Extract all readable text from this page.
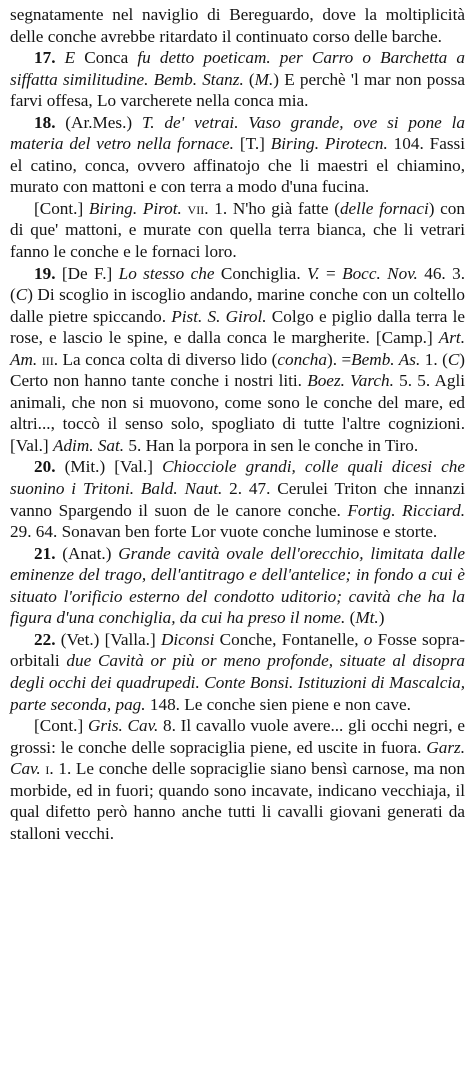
segnatamente nel naviglio di Bereguardo, dove la moltiplicità delle conche avrebbe ritardato il continuato corso delle barche.

17. E Conca fu detto poeticam. per Carro o Barchetta a siffatta similitudine. Bemb. Stanz. (M.) E perchè 'l mar non possa farvi offesa, Lo varcherete nella conca mia.

18. (Ar.Mes.) T. de' vetrai. Vaso grande, ove si pone la materia del vetro nella fornace. [T.] Biring. Pirotecn. 104. Fassi el catino, conca, ovvero affinatojo che li maestri el chiamino, murato con mattoni e con terra a modo d'una fucina.

[Cont.] Biring. Pirot. vii. 1. N'ho già fatte (delle fornaci) con di que' mattoni, e murate con quella terra bianca, che li vetrari fanno le conche e le fornaci loro.

19. [De F.] Lo stesso che Conchiglia. V. = Bocc. Nov. 46. 3. (C) Di scoglio in iscoglio andando, marine conche con un coltello dalle pietre spiccando. Pist. S. Girol. Colgo e piglio dalla terra le rose, e lascio le spine, e dalla conca le margherite. [Camp.] Art. Am. iii. La conca colta di diverso lido (concha). =Bemb. As. 1. (C) Certo non hanno tante conche i nostri liti. Boez. Varch. 5. 5. Agli animali, che non si muovono, come sono le conche del mare, ed altri..., toccò il senso solo, spogliato di tutte l'altre cognizioni. [Val.] Adim. Sat. 5. Han la porpora in sen le conche in Tiro.

20. (Mit.) [Val.] Chiocciole grandi, colle quali dicesi che suonino i Tritoni. Bald. Naut. 2. 47. Cerulei Triton che innanzi vanno Spargendo il suon de le canore conche. Fortig. Ricciard. 29. 64. Sonavan ben forte Lor vuote conche luminose e storte.

21. (Anat.) Grande cavità ovale dell'orecchio, limitata dalle eminenze del trago, dell'antitrago e dell'antelice; in fondo a cui è situato l'orificio esterno del condotto uditorio; cavità che ha la figura d'una conchiglia, da cui ha preso il nome. (Mt.)

22. (Vet.) [Valla.] Diconsi Conche, Fontanelle, o Fosse sopra-orbitali due Cavità or più or meno profonde, situate al disopra degli occhi dei quadrupedi. Conte Bonsi. Istituzioni di Mascalcia, parte seconda, pag. 148. Le conche sien piene e non cave.

[Cont.] Gris. Cav. 8. Il cavallo vuole avere... gli occhi negri, e grossi: le conche delle sopraciglia piene, ed uscite in fuora. Garz. Cav. i. 1. Le conche delle sopraciglie siano bensì carnose, ma non morbide, ed in fuori; quando sono incavate, indicano vecchiaja, il qual difetto però hanno anche tutti li cavalli giovani generati da stalloni vecchi.
